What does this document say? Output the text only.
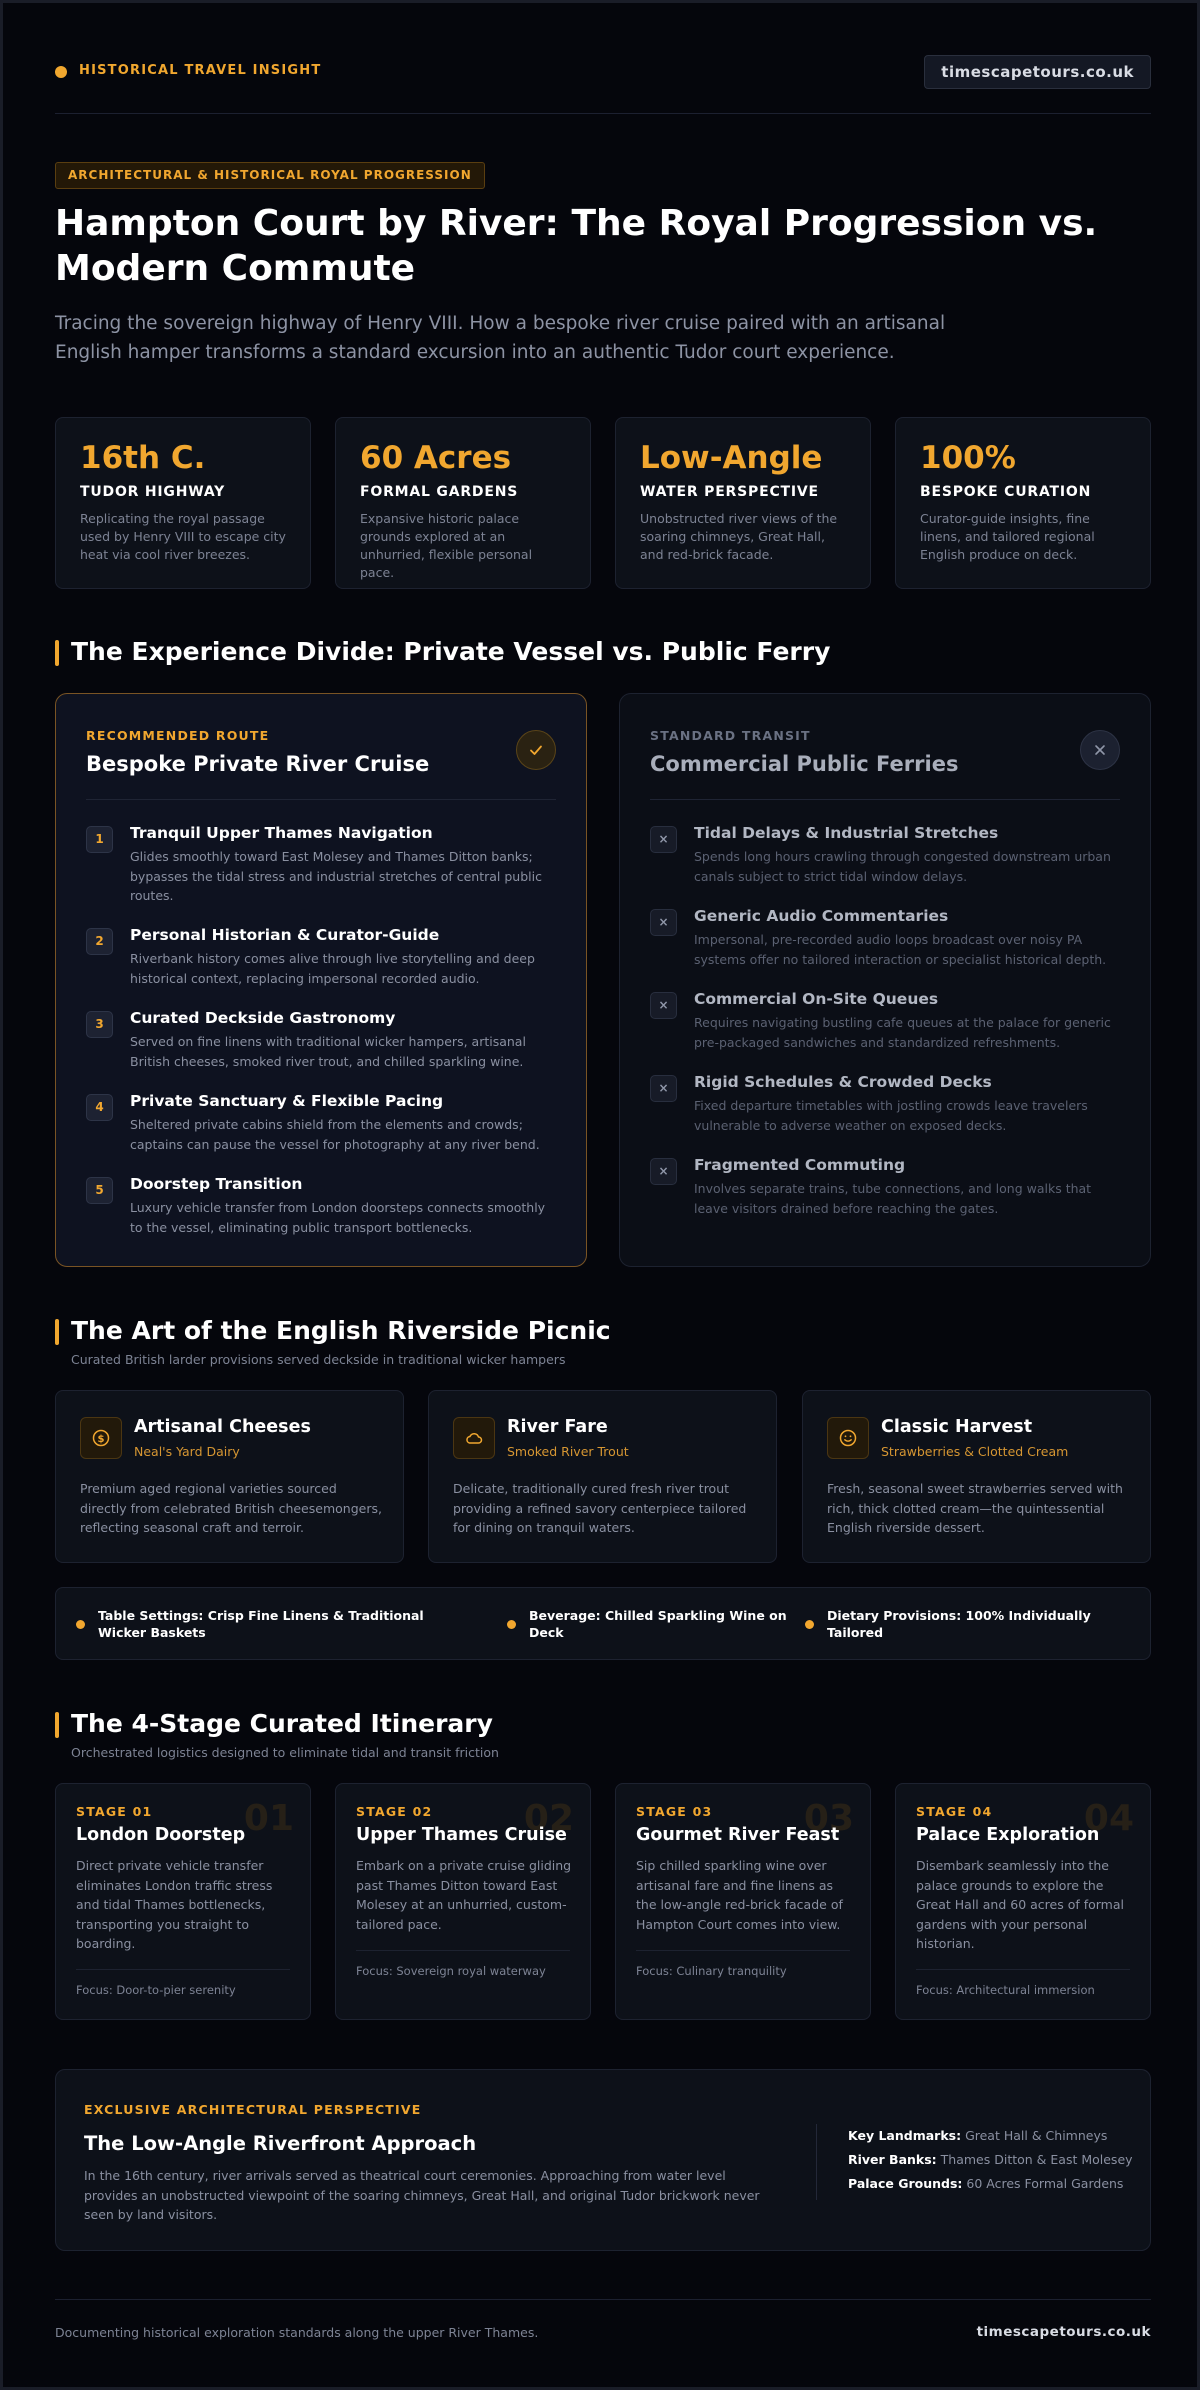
HISTORICAL TRAVEL INSIGHT	timescapetours.co.uk
ARCHITECTURAL & HISTORICAL ROYAL PROGRESSION
Hampton Court by River: The Royal Progression vs. Modern Commute

Tracing the sovereign highway of Henry VIII. How a bespoke river cruise paired with an artisanal English hamper transforms a standard excursion into an authentic Tudor court experience.

16th C.
TUDOR HIGHWAY
Replicating the royal passage used by Henry VIII to escape city heat via cool river breezes.
60 Acres
FORMAL GARDENS
Expansive historic palace grounds explored at an unhurried, flexible personal pace.
Low-Angle
WATER PERSPECTIVE
Unobstructed river views of the soaring chimneys, Great Hall, and red-brick facade.
100%
BESPOKE CURATION
Curator-guide insights, fine linens, and tailored regional English produce on deck.
The Experience Divide: Private Vessel vs. Public Ferry
RECOMMENDED ROUTE
Bespoke Private River Cruise
1	Tranquil Upper Thames Navigation
Glides smoothly toward East Molesey and Thames Ditton banks; bypasses the tidal stress and industrial stretches of central public routes.
2	Personal Historian & Curator-Guide
Riverbank history comes alive through live storytelling and deep historical context, replacing impersonal recorded audio.
3	Curated Deckside Gastronomy
Served on fine linens with traditional wicker hampers, artisanal British cheeses, smoked river trout, and chilled sparkling wine.
4	Private Sanctuary & Flexible Pacing
Sheltered private cabins shield from the elements and crowds; captains can pause the vessel for photography at any river bend.
5	Doorstep Transition
Luxury vehicle transfer from London doorsteps connects smoothly to the vessel, eliminating public transport bottlenecks.
STANDARD TRANSIT
Commercial Public Ferries
×	Tidal Delays & Industrial Stretches
Spends long hours crawling through congested downstream urban canals subject to strict tidal window delays.
×	Generic Audio Commentaries
Impersonal, pre-recorded audio loops broadcast over noisy PA systems offer no tailored interaction or specialist historical depth.
×	Commercial On-Site Queues
Requires navigating bustling cafe queues at the palace for generic pre-packaged sandwiches and standardized refreshments.
×	Rigid Schedules & Crowded Decks
Fixed departure timetables with jostling crowds leave travelers vulnerable to adverse weather on exposed decks.
×	Fragmented Commuting
Involves separate trains, tube connections, and long walks that leave visitors drained before reaching the gates.
The Art of the English Riverside Picnic

Curated British larder provisions served deckside in traditional wicker hampers

$
Artisanal Cheeses
Neal's Yard Dairy
Premium aged regional varieties sourced directly from celebrated British cheesemongers, reflecting seasonal craft and terroir.
River Fare
Smoked River Trout
Delicate, traditionally cured fresh river trout providing a refined savory centerpiece tailored for dining on tranquil waters.
Classic Harvest
Strawberries & Clotted Cream
Fresh, seasonal sweet strawberries served with rich, thick clotted cream—the quintessential English riverside dessert.
Table Settings: Crisp Fine Linens & Traditional Wicker Baskets
Beverage: Chilled Sparkling Wine on Deck
Dietary Provisions: 100% Individually Tailored
The 4-Stage Curated Itinerary

Orchestrated logistics designed to eliminate tidal and transit friction

01
STAGE 01
London Doorstep
Direct private vehicle transfer eliminates London traffic stress and tidal Thames bottlenecks, transporting you straight to boarding.
Focus: Door-to-pier serenity
02
STAGE 02
Upper Thames Cruise
Embark on a private cruise gliding past Thames Ditton toward East Molesey at an unhurried, custom-tailored pace.
Focus: Sovereign royal waterway
03
STAGE 03
Gourmet River Feast
Sip chilled sparkling wine over artisanal fare and fine linens as the low-angle red-brick facade of Hampton Court comes into view.
Focus: Culinary tranquility
04
STAGE 04
Palace Exploration
Disembark seamlessly into the palace grounds to explore the Great Hall and 60 acres of formal gardens with your personal historian.
Focus: Architectural immersion
EXCLUSIVE ARCHITECTURAL PERSPECTIVE
The Low-Angle Riverfront Approach
In the 16th century, river arrivals served as theatrical court ceremonies. Approaching from water level provides an unobstructed viewpoint of the soaring chimneys, Great Hall, and original Tudor brickwork never seen by land visitors.
Key Landmarks: Great Hall & Chimneys
River Banks: Thames Ditton & East Molesey
Palace Grounds: 60 Acres Formal Gardens
Documenting historical exploration standards along the upper River Thames.	timescapetours.co.uk
